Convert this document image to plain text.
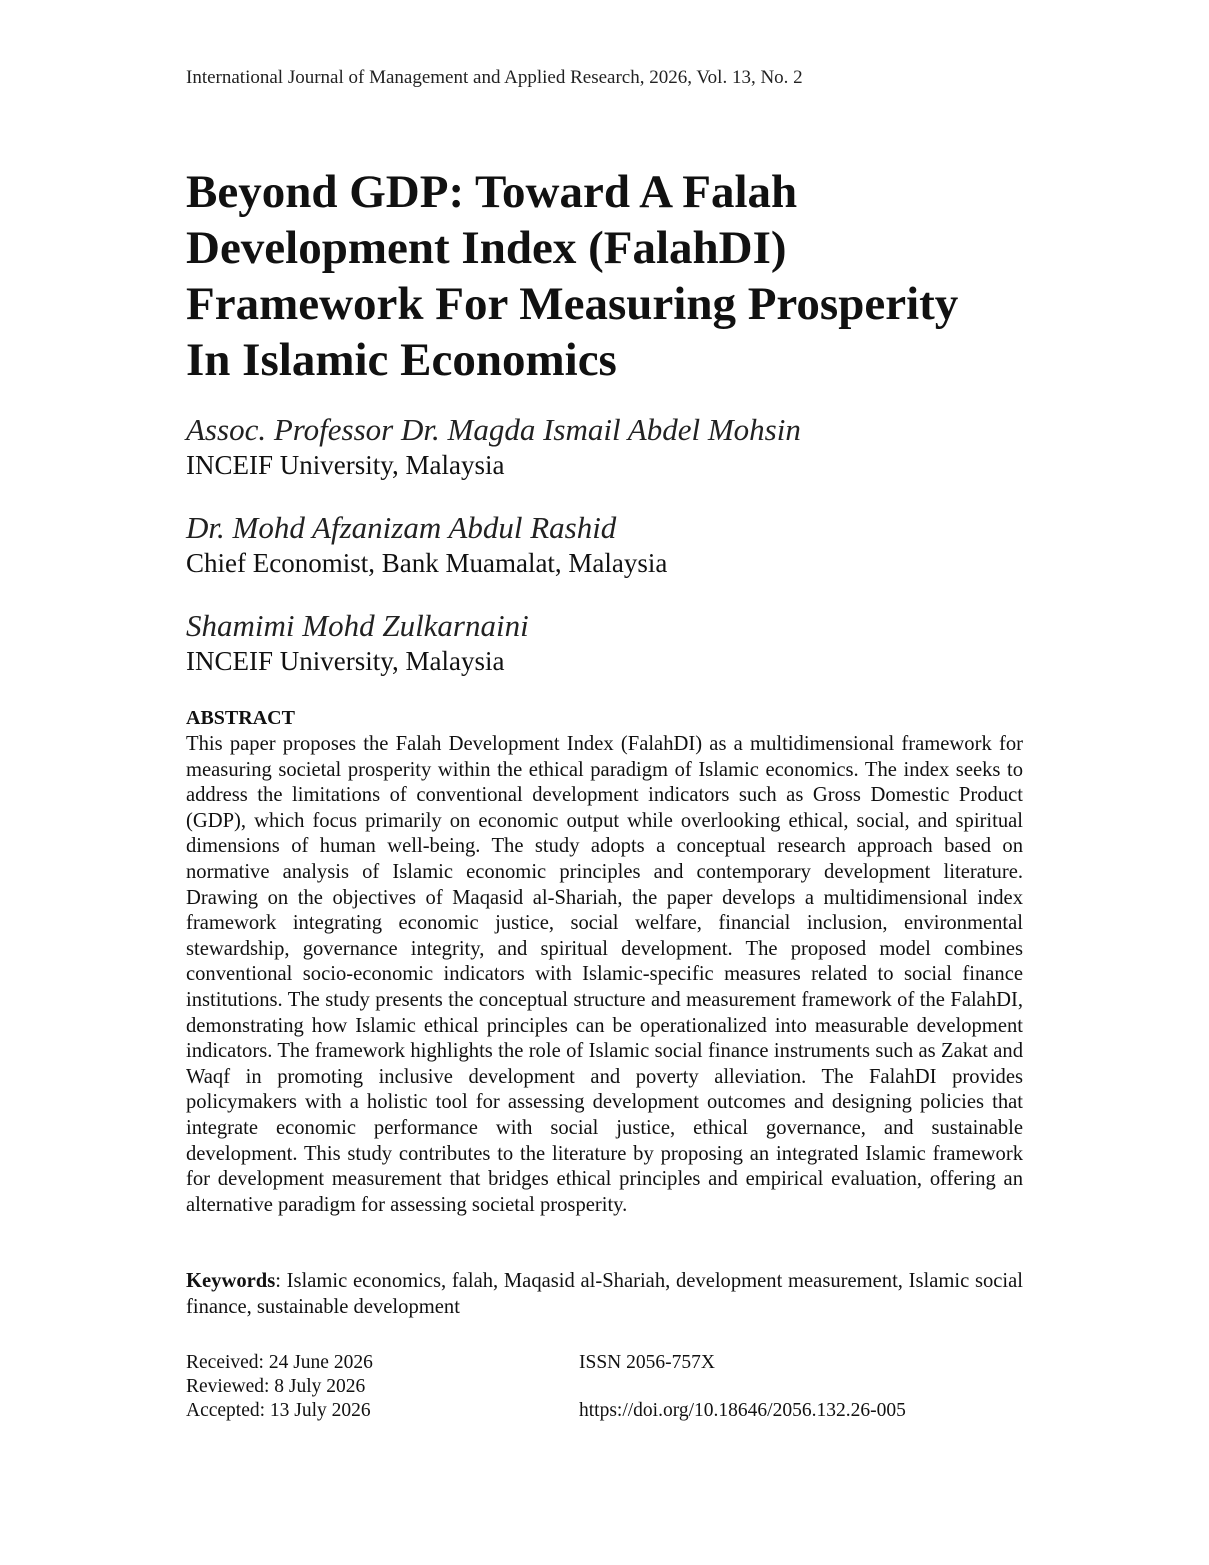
International Journal of Management and Applied Research, 2026, Vol. 13, No. 2
Beyond GDP: Toward A Falah
Development Index (FalahDI)
Framework For Measuring Prosperity
In Islamic Economics
Assoc. Professor Dr. Magda Ismail Abdel Mohsin
INCEIF University, Malaysia
Dr. Mohd Afzanizam Abdul Rashid
Chief Economist, Bank Muamalat, Malaysia
Shamimi Mohd Zulkarnaini
INCEIF University, Malaysia
ABSTRACT

This paper proposes the Falah Development Index (FalahDI) as a multidimensional framework for measuring societal prosperity within the ethical paradigm of Islamic economics. The index seeks to address the limitations of conventional development indicators such as Gross Domestic Product (GDP), which focus primarily on economic output while overlooking ethical, social, and spiritual dimensions of human well-being. The study adopts a conceptual research approach based on normative analysis of Islamic economic principles and contemporary development literature. Drawing on the objectives of Maqasid al-Shariah, the paper develops a multidimensional index framework integrating economic justice, social welfare, financial inclusion, environmental stewardship, governance integrity, and spiritual development. The proposed model combines conventional socio-economic indicators with Islamic-specific measures related to social finance institutions. The study presents the conceptual structure and measurement framework of the FalahDI, demonstrating how Islamic ethical principles can be operationalized into measurable development indicators. The framework highlights the role of Islamic social finance instruments such as Zakat and Waqf in promoting inclusive development and poverty alleviation. The FalahDI provides policymakers with a holistic tool for assessing development outcomes and designing policies that integrate economic performance with social justice, ethical governance, and sustainable development. This study contributes to the literature by proposing an integrated Islamic framework for development measurement that bridges ethical principles and empirical evaluation, offering an alternative paradigm for assessing societal prosperity.

Keywords: Islamic economics, falah, Maqasid al-Shariah, development measurement, Islamic social finance, sustainable development

Received: 24 June 2026
Reviewed: 8 July 2026
Accepted: 13 July 2026
ISSN 2056-757X
https://doi.org/10.18646/2056.132.26-005
